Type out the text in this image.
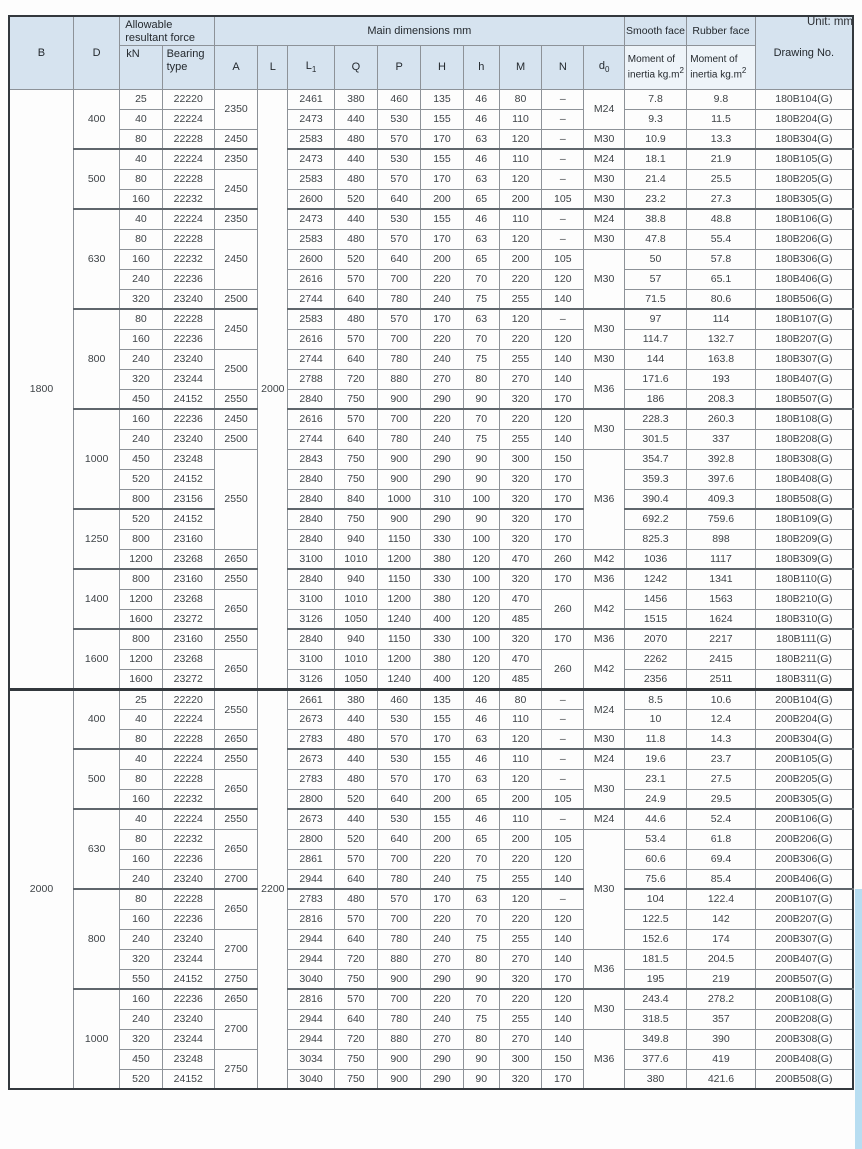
Unit: mm
B	D	Allowable resultant force		Main dimensions mm										Smooth face	Rubber face	Drawing No.
		kN	Bearing type	A	L	$L_1$	Q	P	H	h	M	N	$d_0$	Moment of inertia $kg.m^2$	Moment of inertia $kg.m^2$
1800	400	25	22220	2350	2000	2461	380	460	135	46	80	–	M24	7.8	9.8	180B104(G)
		40	22224			2473	440	530	155	46	110	–		9.3	11.5	180B204(G)
		80	22228	2450		2583	480	570	170	63	120	–	M30	10.9	13.3	180B304(G)
	500	40	22224	2350		2473	440	530	155	46	110	–	M24	18.1	21.9	180B105(G)
		80	22228	2450		2583	480	570	170	63	120	–	M30	21.4	25.5	180B205(G)
		160	22232			2600	520	640	200	65	200	105	M30	23.2	27.3	180B305(G)
	630	40	22224	2350		2473	440	530	155	46	110	–	M24	38.8	48.8	180B106(G)
		80	22228	2450		2583	480	570	170	63	120	–	M30	47.8	55.4	180B206(G)
		160	22232			2600	520	640	200	65	200	105	M30	50	57.8	180B306(G)
		240	22236			2616	570	700	220	70	220	120		57	65.1	180B406(G)
		320	23240	2500		2744	640	780	240	75	255	140		71.5	80.6	180B506(G)
	800	80	22228	2450		2583	480	570	170	63	120	–	M30	97	114	180B107(G)
		160	22236			2616	570	700	220	70	220	120		114.7	132.7	180B207(G)
		240	23240	2500		2744	640	780	240	75	255	140	M30	144	163.8	180B307(G)
		320	23244			2788	720	880	270	80	270	140	M36	171.6	193	180B407(G)
		450	24152	2550		2840	750	900	290	90	320	170		186	208.3	180B507(G)
	1000	160	22236	2450		2616	570	700	220	70	220	120	M30	228.3	260.3	180B108(G)
		240	23240	2500		2744	640	780	240	75	255	140		301.5	337	180B208(G)
		450	23248	2550		2843	750	900	290	90	300	150	M36	354.7	392.8	180B308(G)
		520	24152			2840	750	900	290	90	320	170		359.3	397.6	180B408(G)
		800	23156			2840	840	1000	310	100	320	170		390.4	409.3	180B508(G)
	1250	520	24152			2840	750	900	290	90	320	170		692.2	759.6	180B109(G)
		800	23160			2840	940	1150	330	100	320	170		825.3	898	180B209(G)
		1200	23268	2650		3100	1010	1200	380	120	470	260	M42	1036	1117	180B309(G)
	1400	800	23160	2550		2840	940	1150	330	100	320	170	M36	1242	1341	180B110(G)
		1200	23268	2650		3100	1010	1200	380	120	470	260	M42	1456	1563	180B210(G)
		1600	23272			3126	1050	1240	400	120	485			1515	1624	180B310(G)
	1600	800	23160	2550		2840	940	1150	330	100	320	170	M36	2070	2217	180B111(G)
		1200	23268	2650		3100	1010	1200	380	120	470	260	M42	2262	2415	180B211(G)
		1600	23272			3126	1050	1240	400	120	485			2356	2511	180B311(G)
2000	400	25	22220	2550	2200	2661	380	460	135	46	80	–	M24	8.5	10.6	200B104(G)
		40	22224			2673	440	530	155	46	110	–		10	12.4	200B204(G)
		80	22228	2650		2783	480	570	170	63	120	–	M30	11.8	14.3	200B304(G)
	500	40	22224	2550		2673	440	530	155	46	110	–	M24	19.6	23.7	200B105(G)
		80	22228	2650		2783	480	570	170	63	120	–	M30	23.1	27.5	200B205(G)
		160	22232			2800	520	640	200	65	200	105		24.9	29.5	200B305(G)
	630	40	22224	2550		2673	440	530	155	46	110	–	M24	44.6	52.4	200B106(G)
		80	22232	2650		2800	520	640	200	65	200	105	M30	53.4	61.8	200B206(G)
		160	22236			2861	570	700	220	70	220	120		60.6	69.4	200B306(G)
		240	23240	2700		2944	640	780	240	75	255	140		75.6	85.4	200B406(G)
	800	80	22228	2650		2783	480	570	170	63	120	–		104	122.4	200B107(G)
		160	22236			2816	570	700	220	70	220	120		122.5	142	200B207(G)
		240	23240	2700		2944	640	780	240	75	255	140		152.6	174	200B307(G)
		320	23244			2944	720	880	270	80	270	140	M36	181.5	204.5	200B407(G)
		550	24152	2750		3040	750	900	290	90	320	170		195	219	200B507(G)
	1000	160	22236	2650		2816	570	700	220	70	220	120	M30	243.4	278.2	200B108(G)
		240	23240	2700		2944	640	780	240	75	255	140		318.5	357	200B208(G)
		320	23244			2944	720	880	270	80	270	140	M36	349.8	390	200B308(G)
		450	23248	2750		3034	750	900	290	90	300	150		377.6	419	200B408(G)
		520	24152			3040	750	900	290	90	320	170		380	421.6	200B508(G)
